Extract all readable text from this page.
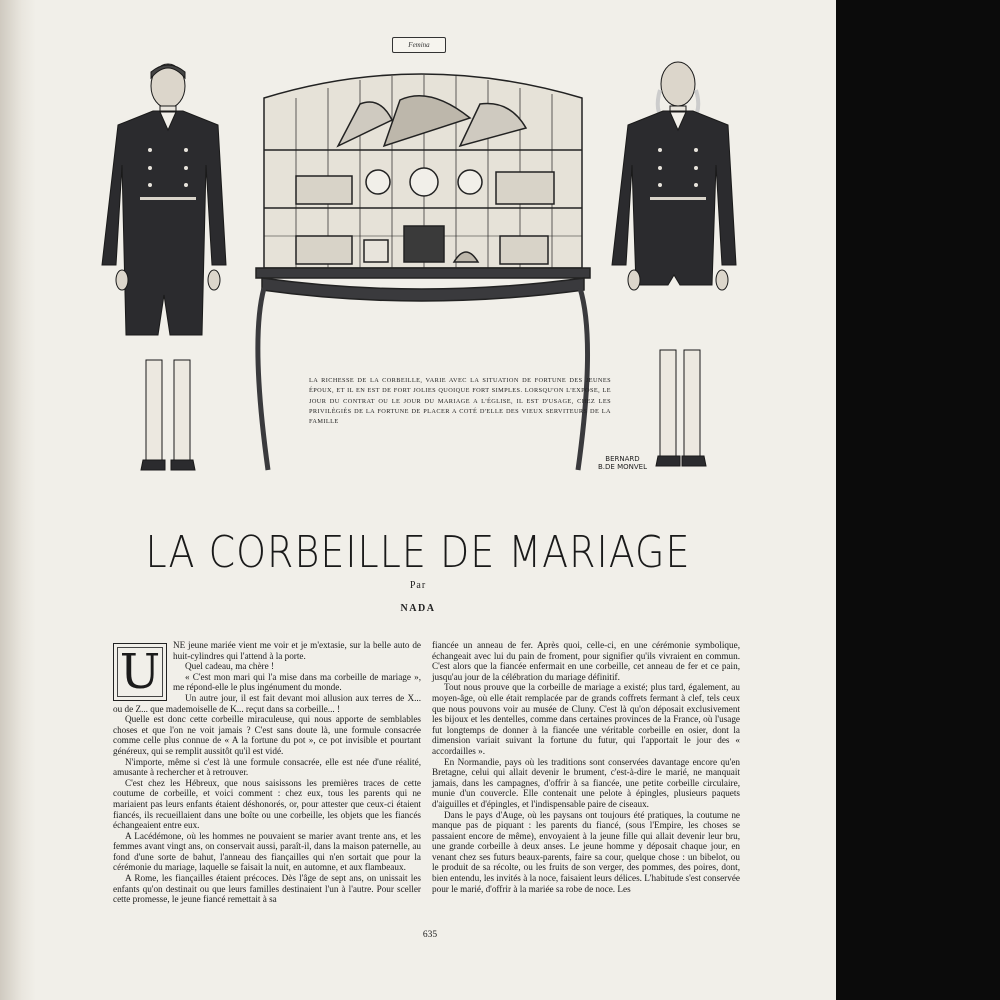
Femina
LA RICHESSE DE LA CORBEILLE, VARIE AVEC LA SITUATION DE FORTUNE DES JEUNES ÉPOUX, ET IL EN EST DE FORT JOLIES QUOIQUE FORT SIMPLES. LORSQU'ON L'EXPOSE, LE JOUR DU CONTRAT OU LE JOUR DU MARIAGE A L'ÉGLISE, IL EST D'USAGE, CHEZ LES PRIVILÈGIÉS DE LA FORTUNE DE PLACER A COTÉ D'ELLE DES VIEUX SERVITEURS DE LA FAMILLE
BERNARD
B.DE MONVEL
LA CORBEILLE DE MARIAGE
Par
NADA
U	NE jeune mariée vient me voir et je m'extasie, sur la belle auto de huit-cylindres qui l'attend à la porte.

Quel cadeau, ma chère !

« C'est mon mari qui l'a mise dans ma corbeille de mariage », me répond-elle le plus ingénument du monde.

Un autre jour, il est fait devant moi allusion aux terres de X... ou de Z... que mademoiselle de K... reçut dans sa corbeille... !

Quelle est donc cette corbeille miraculeuse, qui nous apporte de semblables choses et que l'on ne voit jamais ? C'est sans doute là, une formule consacrée comme celle plus connue de « A la fortune du pot », ce pot invisible et pourtant généreux, qui se remplit aussitôt qu'il est vidé.

N'importe, même si c'est là une formule consacrée, elle est née d'une réalité, amusante à rechercher et à retrouver.

C'est chez les Hébreux, que nous saisissons les premières traces de cette coutume de corbeille, et voici comment : chez eux, tous les parents qui ne mariaient pas leurs enfants étaient déshonorés, or, pour attester que ceux-ci étaient fiancés, ils recueillaient dans une boîte ou une corbeille, les objets que les fiancés échangeaient entre eux.

A Lacédémone, où les hommes ne pouvaient se marier avant trente ans, et les femmes avant vingt ans, on conservait aussi, paraît-il, dans la maison paternelle, au fond d'une sorte de bahut, l'anneau des fiançailles qui n'en sortait que pour la cérémonie du mariage, laquelle se faisait la nuit, en automne, et aux flambeaux.

A Rome, les fiançailles étaient précoces. Dès l'âge de sept ans, on unissait les enfants qu'on destinait ou que leurs familles destinaient l'un à l'autre. Pour sceller cette promesse, le jeune fiancé remettait à sa

fiancée un anneau de fer. Après quoi, celle-ci, en une cérémonie symbolique, échangeait avec lui du pain de froment, pour signifier qu'ils vivraient en commun. C'est alors que la fiancée enfermait en une corbeille, cet anneau de fer et ce pain, jusqu'au jour de la célébration du mariage définitif.

Tout nous prouve que la corbeille de mariage a existé; plus tard, également, au moyen-âge, où elle était remplacée par de grands coffrets fermant à clef, tels ceux que nous pouvons voir au musée de Cluny. C'est là qu'on déposait exclusivement les bijoux et les dentelles, comme dans certaines provinces de la France, où l'usage fut longtemps de donner à la fiancée une véritable corbeille en osier, dont la dimension variait suivant la fortune du futur, qui l'apportait le jour des « accordailles ».

En Normandie, pays où les traditions sont conservées davantage encore qu'en Bretagne, celui qui allait devenir le brument, c'est-à-dire le marié, ne manquait jamais, dans les campagnes, d'offrir à sa fiancée, une petite corbeille circulaire, munie d'un couvercle. Elle contenait une pelote à épingles, plusieurs paquets d'aiguilles et d'épingles, et l'indispensable paire de ciseaux.

Dans le pays d'Auge, où les paysans ont toujours été pratiques, la coutume ne manque pas de piquant : les parents du fiancé, (sous l'Empire, les choses se passaient encore de même), envoyaient à la jeune fille qui allait devenir leur bru, une grande corbeille à deux anses. Le jeune homme y déposait chaque jour, en venant chez ses futurs beaux-parents, faire sa cour, quelque chose : un bibelot, ou le produit de sa récolte, ou les fruits de son verger, des pommes, des poires, dont, bien entendu, les invités à la noce, faisaient leurs délices. L'habitude s'est conservée pour le marié, d'offrir à la mariée sa robe de noce. Les

635
